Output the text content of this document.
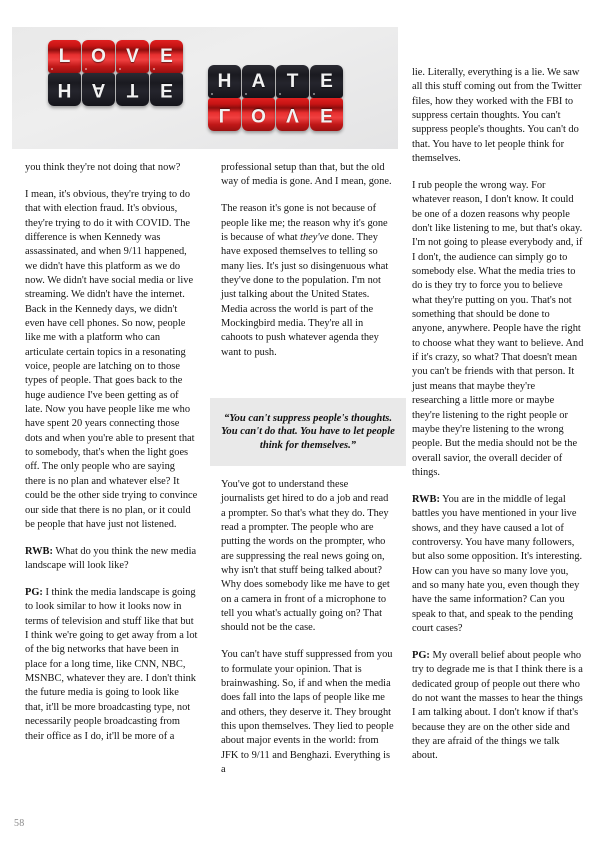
L O V E
H A T E H A T E
L O V E

you think they're not doing that now?

I mean, it's obvious, they're trying to do that with election fraud. It's obvious, they're trying to do it with COVID. The difference is when Kennedy was assassinated, and when 9/11 happened, we didn't have this platform as we do now. We didn't have social media or live streaming. We didn't have the internet. Back in the Kennedy days, we didn't even have cell phones. So now, people like me with a platform who can articulate certain topics in a resonating voice, people are latching on to those types of people. That goes back to the huge audience I've been getting as of late. Now you have people like me who have spent 20 years connecting those dots and when you're able to present that to somebody, that's when the light goes off. The only people who are saying there is no plan and whatever else? It could be the other side trying to convince our side that there is no plan, or it could be people that have just not listened.

RWB: What do you think the new media landscape will look like?

PG: I think the media landscape is going to look similar to how it looks now in terms of television and stuff like that but I think we're going to get away from a lot of the big networks that have been in place for a long time, like CNN, NBC, MSNBC, whatever they are. I don't think the future media is going to look like that, it'll be more broadcasting type, not necessarily people broadcasting from their office as I do, it'll be more of a

professional setup than that, but the old way of media is gone. And I mean, gone.

The reason it's gone is not because of people like me; the reason why it's gone is because of what they've done. They have exposed themselves to telling so many lies. It's just so disingenuous what they've done to the population. I'm not just talking about the United States. Media across the world is part of the Mockingbird media. They're all in cahoots to push whatever agenda they want to push.

“You can't suppress people's thoughts. You can't do that. You have to let people think for themselves.”

You've got to understand these journalists get hired to do a job and read a prompter. So that's what they do. They read a prompter. The people who are putting the words on the prompter, who are suppressing the real news going on, why isn't that stuff being talked about? Why does somebody like me have to get on a camera in front of a microphone to tell you what's actually going on? That should not be the case.

You can't have stuff suppressed from you to formulate your opinion. That is brainwashing. So, if and when the media does fall into the laps of people like me and others, they deserve it. They brought this upon themselves. They lied to people about major events in the world: from JFK to 9/11 and Benghazi. Everything is a

lie. Literally, everything is a lie. We saw all this stuff coming out from the Twitter files, how they worked with the FBI to suppress certain thoughts. You can't suppress people's thoughts. You can't do that. You have to let people think for themselves.

I rub people the wrong way. For whatever reason, I don't know. It could be one of a dozen reasons why people don't like listening to me, but that's okay. I'm not going to please everybody and, if I don't, the audience can simply go to somebody else. What the media tries to do is they try to force you to believe what they're putting on you. That's not something that should be done to anyone, anywhere. People have the right to choose what they want to believe. And if it's crazy, so what? That doesn't mean you can't be friends with that person. It just means that maybe they're researching a little more or maybe they're listening to the right people or maybe they're listening to the wrong people. But the media should not be the overall savior, the overall decider of things.

RWB: You are in the middle of legal battles you have mentioned in your live shows, and they have caused a lot of controversy. You have many followers, but also some opposition. It's interesting. How can you have so many love you, and so many hate you, even though they have the same information? Can you speak to that, and speak to the pending court cases?

PG: My overall belief about people who try to degrade me is that I think there is a dedicated group of people out there who do not want the masses to hear the things I am talking about. I don't know if that's because they are on the other side and they are afraid of the things we talk about.

58
